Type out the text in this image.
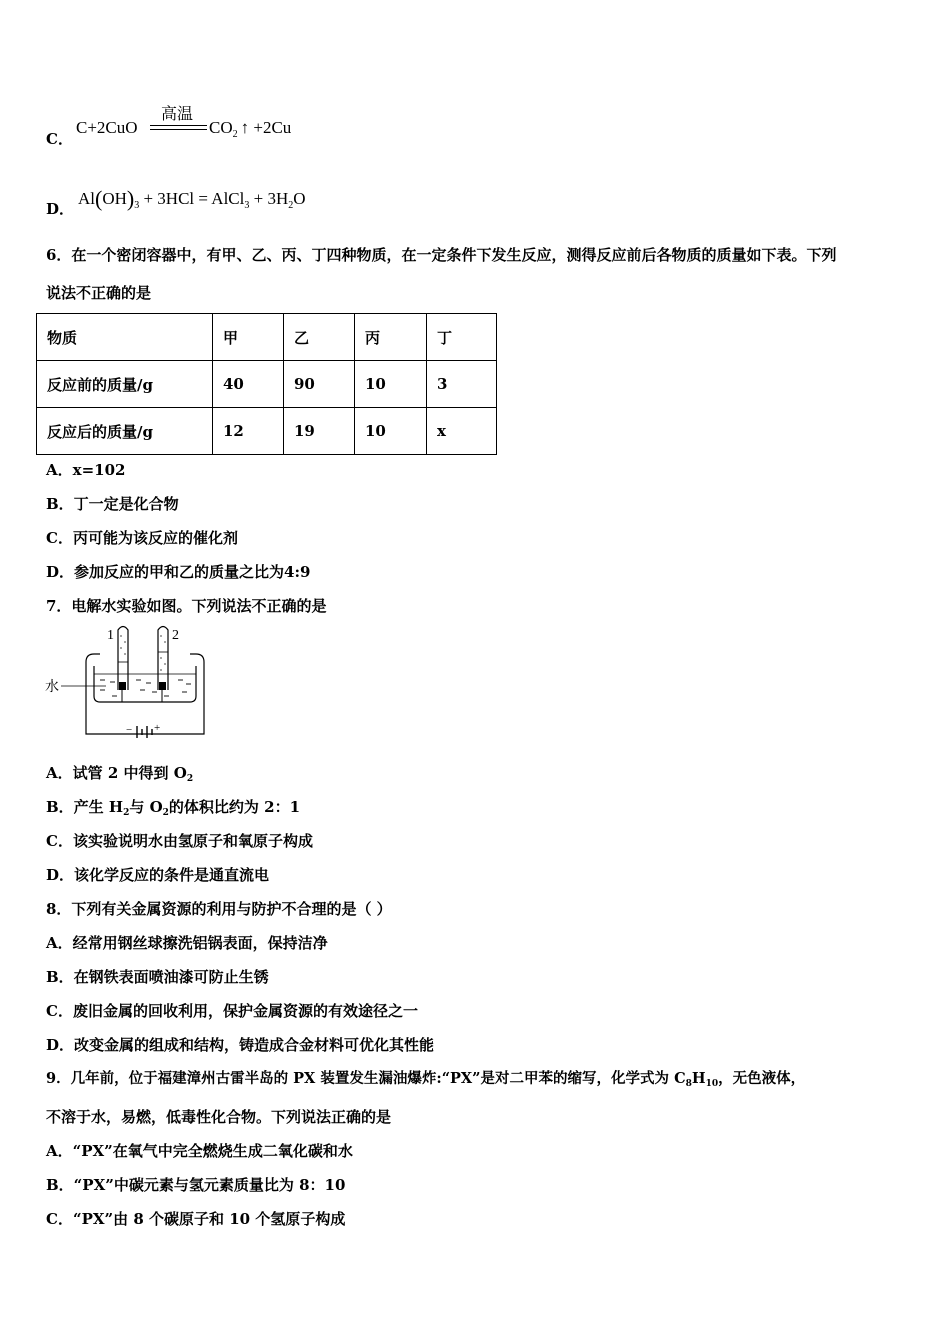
C．
C+2CuO
高温
$CO_2$ ↑ +2Cu
D．
$Al(OH)_3 + 3HCl$ = AlCl$_3$ + $3H_2O$
6．在一个密闭容器中，有甲、乙、丙、丁四种物质，在一定条件下发生反应，测得反应前后各物质的质量如下表。下列
说法不正确的是
物质	甲	乙	丙	丁
反应前的质量/g	40	90	10	3
反应后的质量/g	12	19	10	x
A．x=102
B．丁一定是化合物
C．丙可能为该反应的催化剂
D．参加反应的甲和乙的质量之比为4:9
7．电解水实验如图。下列说法不正确的是
1	2
水
− +
A．试管 2 中得到 $O_2$
B．产生 $H_2$与 $O_2$的体积比约为 2：1
C．该实验说明水由氢原子和氧原子构成
D．该化学反应的条件是通直流电
8．下列有关金属资源的利用与防护不合理的是（ ）
A．经常用钢丝球擦洗铝锅表面，保持洁净
B．在钢铁表面喷油漆可防止生锈
C．废旧金属的回收利用，保护金属资源的有效途径之一
D．改变金属的组成和结构，铸造成合金材料可优化其性能
9．几年前，位于福建漳州古雷半岛的 PX 装置发生漏油爆炸:“PX”是对二甲苯的缩写，化学式为 $C_8H_{10}$，无色液体，
不溶于水，易燃，低毒性化合物。下列说法正确的是
A．“PX”在氧气中完全燃烧生成二氧化碳和水
B．“PX”中碳元素与氢元素质量比为 8：10
C．“PX”由 8 个碳原子和 10 个氢原子构成
